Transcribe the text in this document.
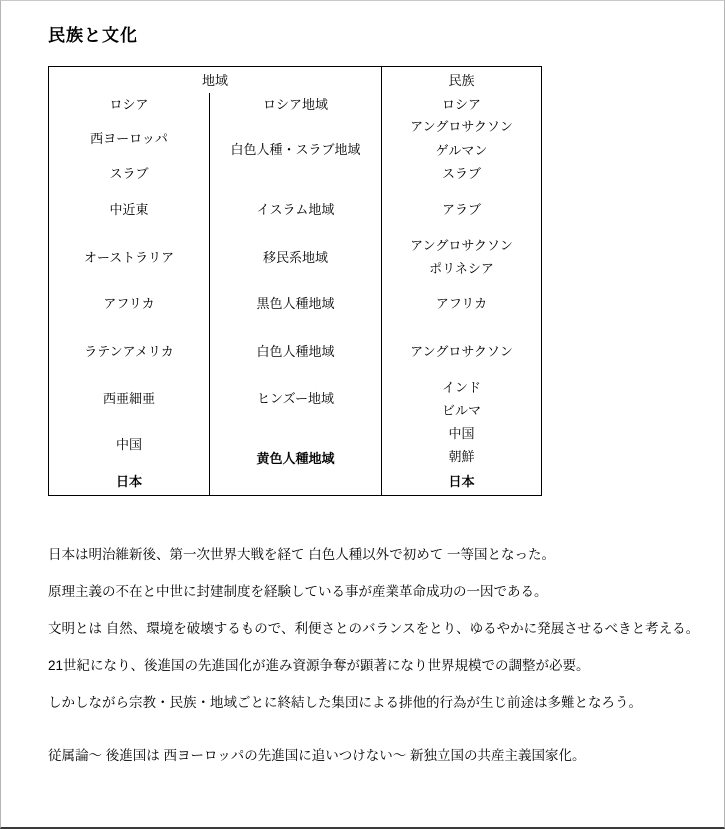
民族と文化
地域		民族
ロシア	ロシア地域	ロシア
西ヨーロッパ	白色人種・スラブ地域	アングロサクソン
		ゲルマン
スラブ		スラブ
中近東	イスラム地域	アラブ
オーストラリア	移民系地域	アングロサクソン
		ポリネシア
アフリカ	黒色人種地域	アフリカ
ラテンアメリカ	白色人種地域	アングロサクソン
西亜細亜	ヒンズー地域	インド
		ビルマ
中国	黄色人種地域	中国
		朝鮮
日本		日本

日本は明治維新後、第一次世界大戦を経て 白色人種以外で初めて 一等国となった。

原理主義の不在と中世に封建制度を経験している事が産業革命成功の一因である。

文明とは 自然、環境を破壊するもので、利便さとのバランスをとり、ゆるやかに発展させるべきと考える。

21世紀になり、後進国の先進国化が進み資源争奪が顕著になり世界規模での調整が必要。

しかしながら宗教・民族・地域ごとに終結した集団による排他的行為が生じ前途は多難となろう。

従属論～ 後進国は 西ヨーロッパの先進国に追いつけない～ 新独立国の共産主義国家化。
